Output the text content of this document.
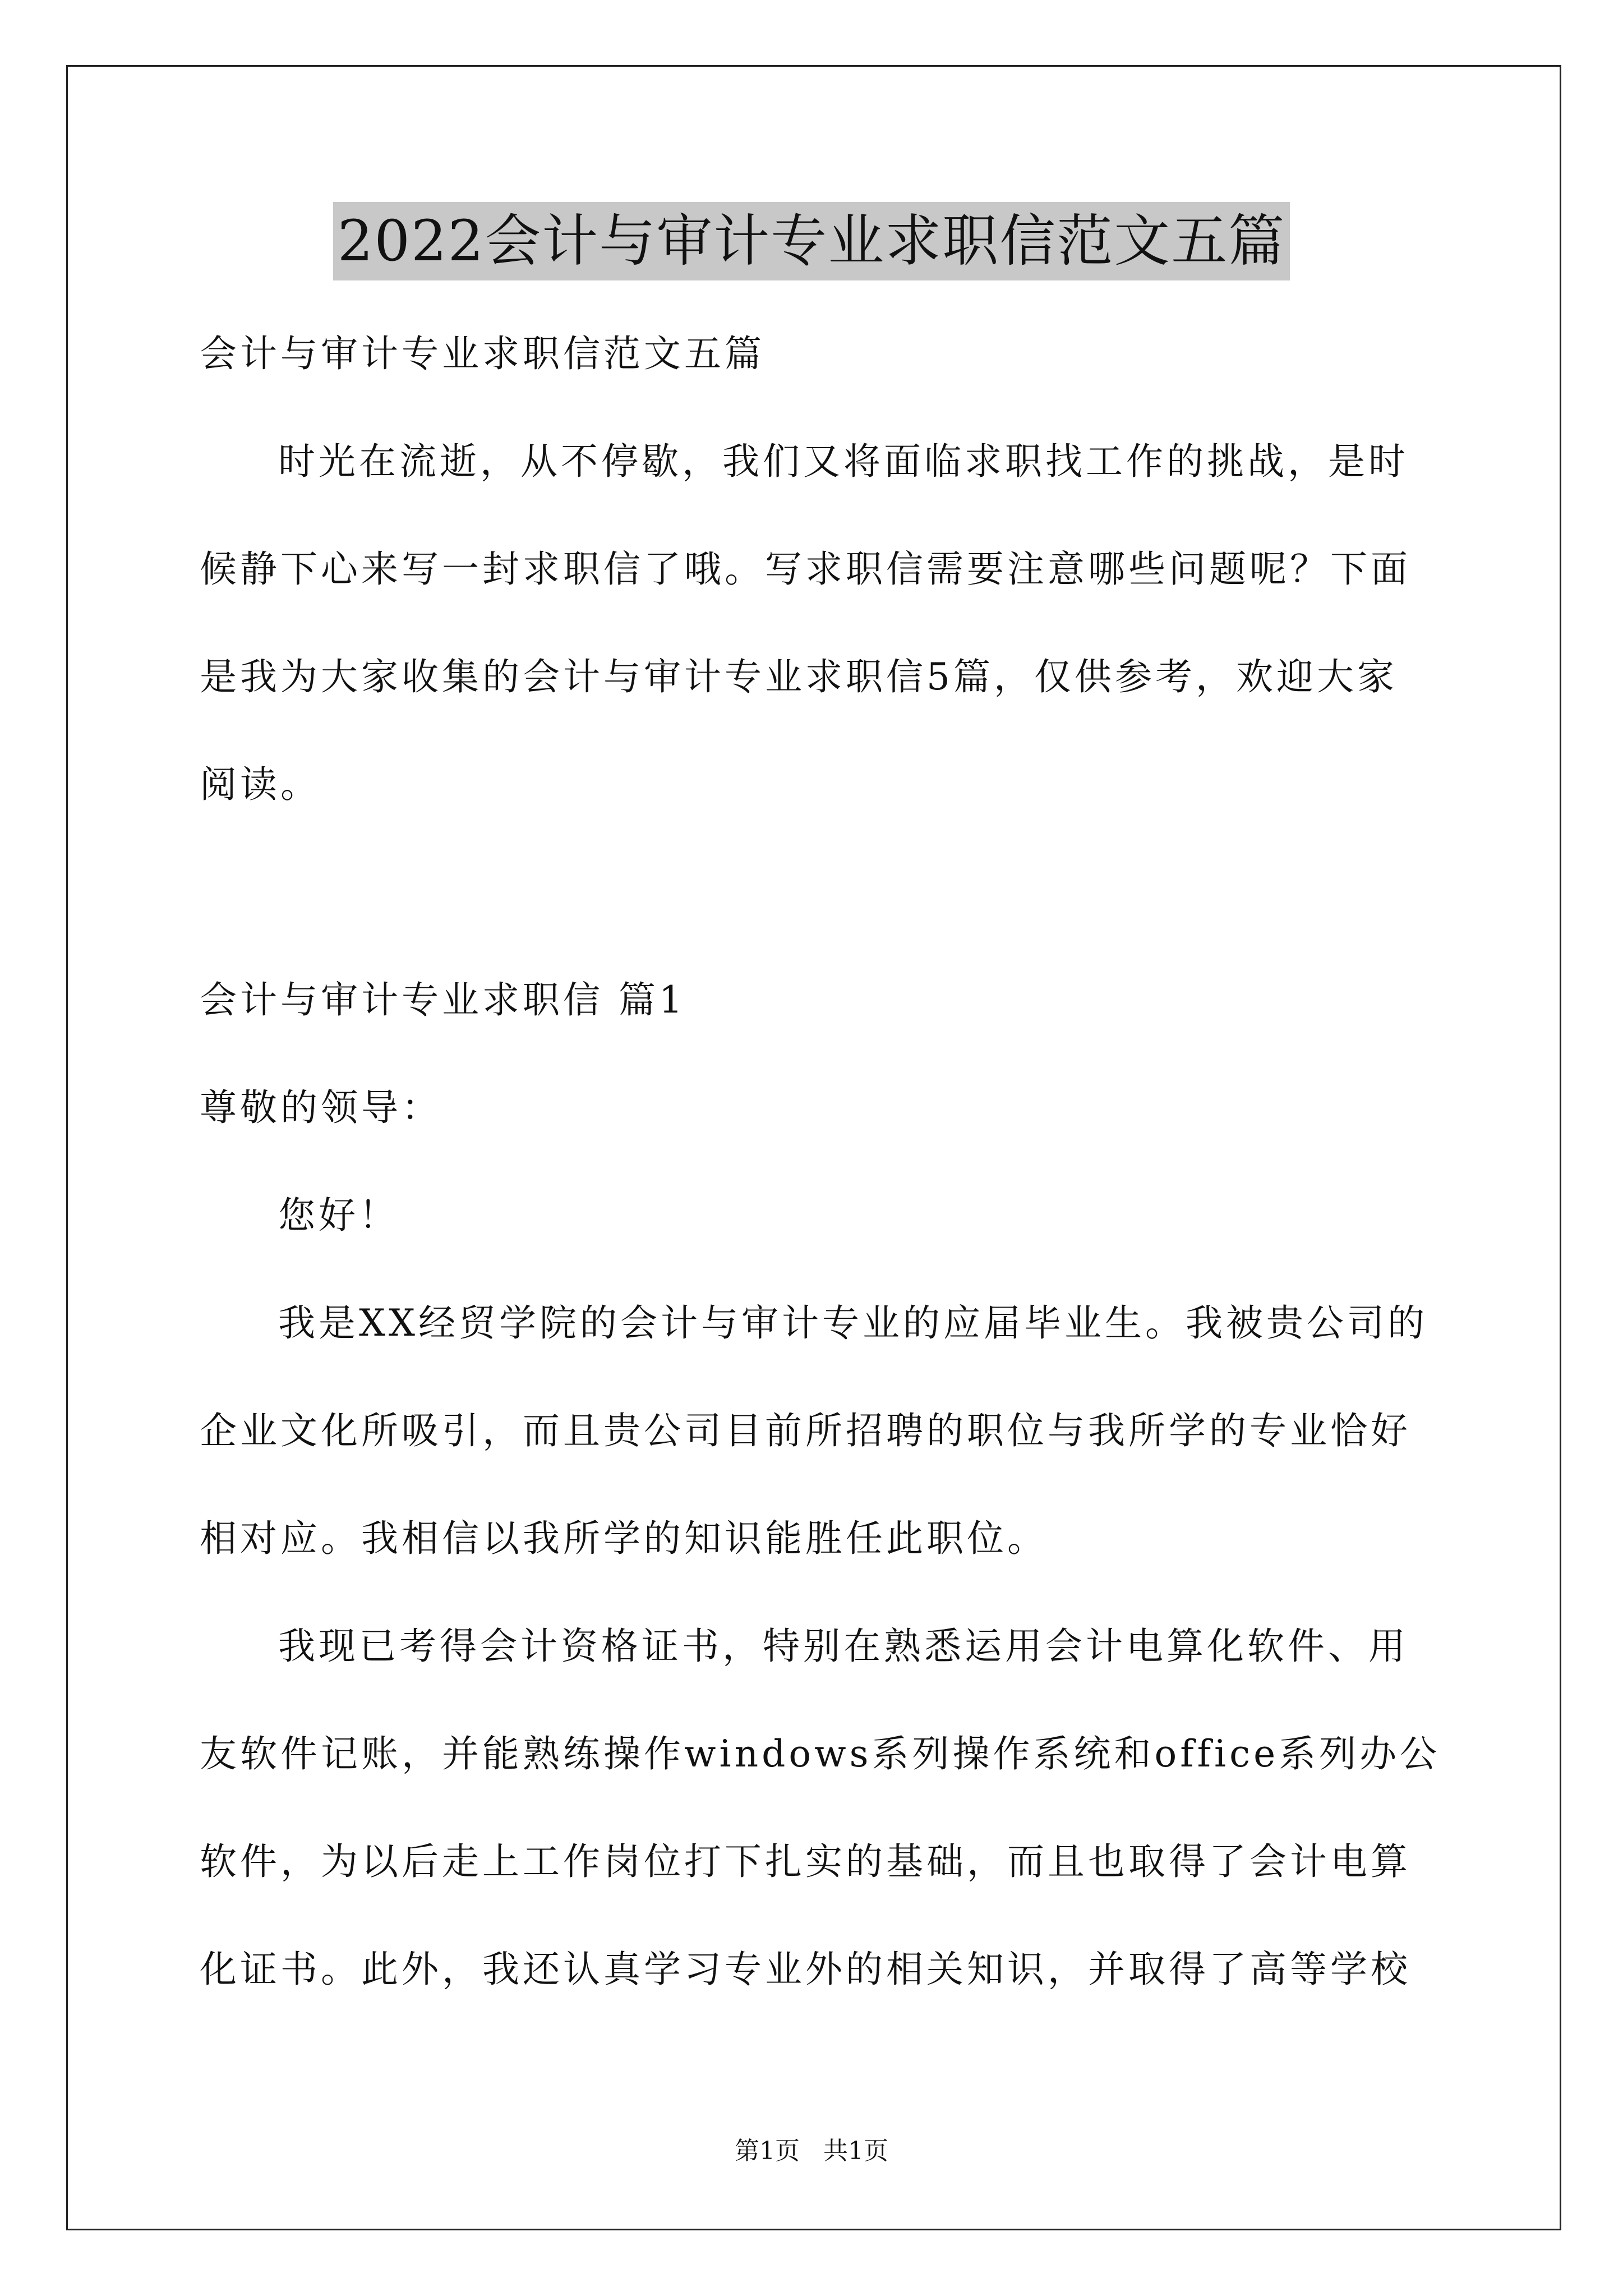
2022会计与审计专业求职信范文五篇

会计与审计专业求职信范文五篇

时光在流逝，从不停歇，我们又将面临求职找工作的挑战，是时

候静下心来写一封求职信了哦。写求职信需要注意哪些问题呢？下面

是我为大家收集的会计与审计专业求职信5篇，仅供参考，欢迎大家

阅读。

会计与审计专业求职信 篇1

尊敬的领导：

您好！

我是XX经贸学院的会计与审计专业的应届毕业生。我被贵公司的

企业文化所吸引，而且贵公司目前所招聘的职位与我所学的专业恰好

相对应。我相信以我所学的知识能胜任此职位。

我现已考得会计资格证书，特别在熟悉运用会计电算化软件、用

友软件记账，并能熟练操作windows系列操作系统和office系列办公

软件，为以后走上工作岗位打下扎实的基础，而且也取得了会计电算

化证书。此外，我还认真学习专业外的相关知识，并取得了高等学校

第1页   共1页
